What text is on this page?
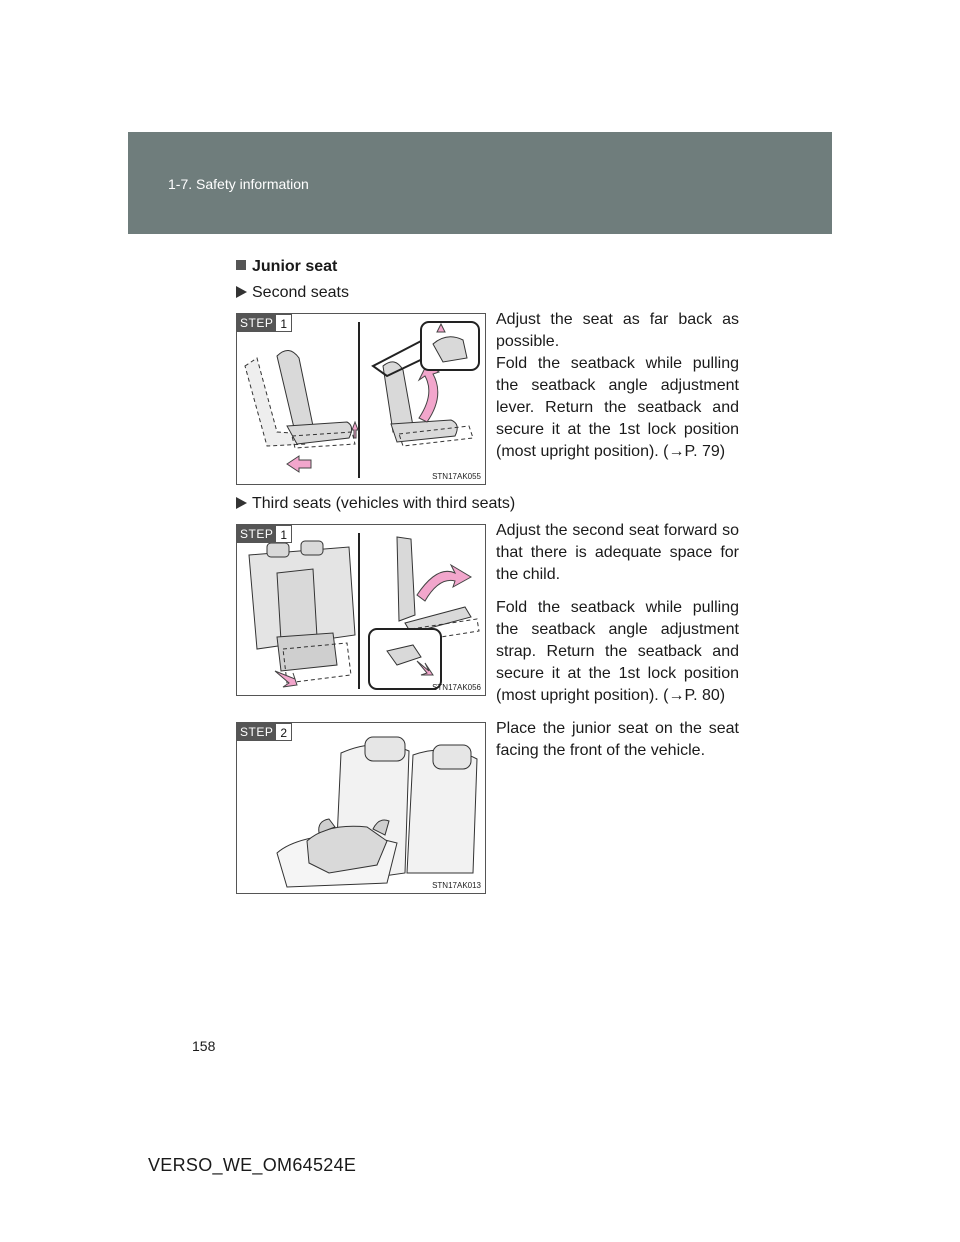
1-7. Safety information
Junior seat
Second seats
STEP 1
STN17AK055

Adjust the seat as far back as possible.

Fold the seatback while pulling the seatback angle adjustment lever. Return the seatback and secure it at the 1st lock position (most upright position). (→P. 79)

Third seats (vehicles with third seats)
STEP 1
STN17AK056

Adjust the second seat forward so that there is adequate space for the child.

Fold the seatback while pulling the seatback angle adjustment strap. Return the seatback and secure it at the 1st lock position (most upright position). (→P. 80)

STEP 2
STN17AK013

Place the junior seat on the seat facing the front of the vehicle.

158
VERSO_WE_OM64524E
